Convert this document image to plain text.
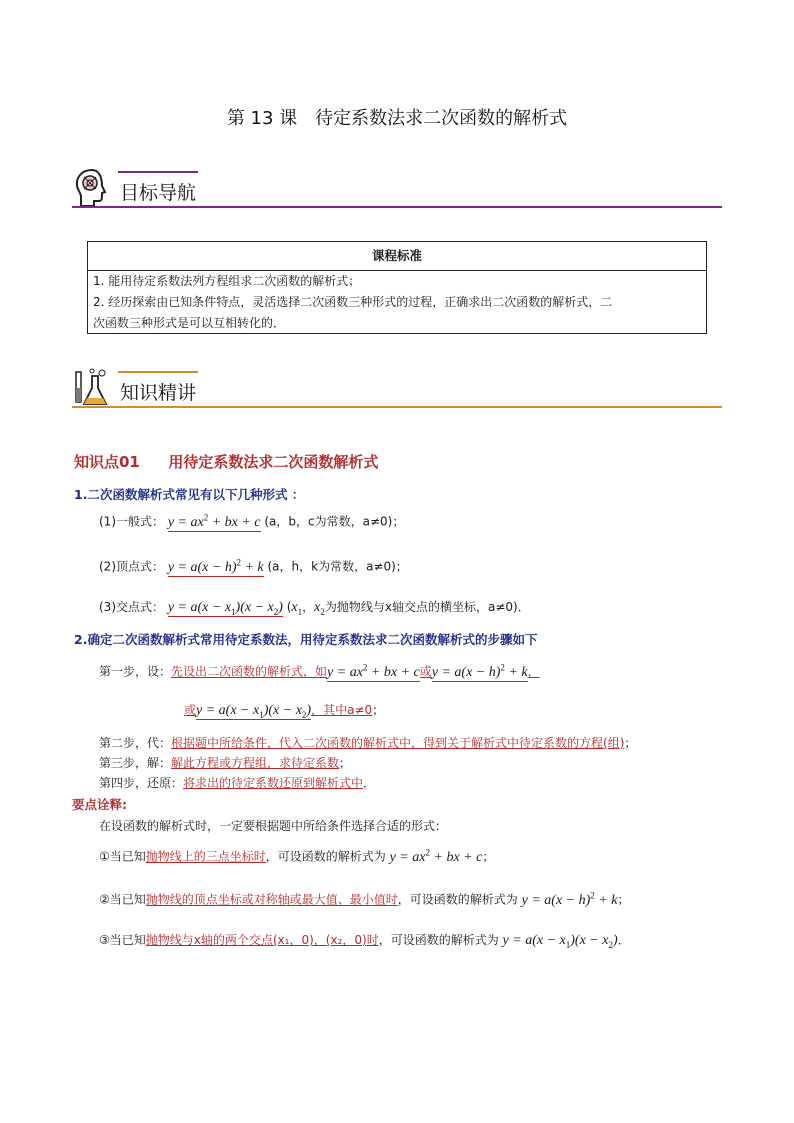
第 13 课　待定系数法求二次函数的解析式
目标导航
课程标准
1. 能用待定系数法列方程组求二次函数的解析式；
2. 经历探索由已知条件特点，灵活选择二次函数三种形式的过程，正确求出二次函数的解析式，二
次函数三种形式是可以互相转化的．
知识精讲
知识点01 用待定系数法求二次函数解析式
1.二次函数解析式常见有以下几种形式 ：
(1)一般式： $y = ax^2$ + bx + c (a，b，c为常数，a≠0)；
(2)顶点式： $y = a(x - h)^2 + k$ (a，h，k为常数，a≠0)；
(3)交点式： $y = a(x - x_1)(x - x_2)$ ($x_1$，$x_2$为抛物线与x轴交点的横坐标，a≠0)．
2.确定二次函数解析式常用待定系数法，用待定系数法求二次函数解析式的步骤如下
第一步，设：先设出二次函数的解析式，如$y = ax^2$ + bx + c或$y = a(x - h)^2 + k$，
或$y = a(x - x_1)(x - x_2)$，其中a≠0；
第二步，代：根据题中所给条件，代入二次函数的解析式中，得到关于解析式中待定系数的方程(组)；
第三步，解：解此方程或方程组，求待定系数；
第四步，还原：将求出的待定系数还原到解析式中．
要点诠释:
在设函数的解析式时，一定要根据题中所给条件选择合适的形式：
①当已知抛物线上的三点坐标时，可设函数的解析式为 $y = ax^2$ + bx + c；
②当已知抛物线的顶点坐标或对称轴或最大值、最小值时，可设函数的解析式为 $y = a(x - h)^2 + k$；
③当已知抛物线与x轴的两个交点(x₁，0)，(x₂，0)时，可设函数的解析式为 $y = a(x - x_1)(x - x_2)$．
